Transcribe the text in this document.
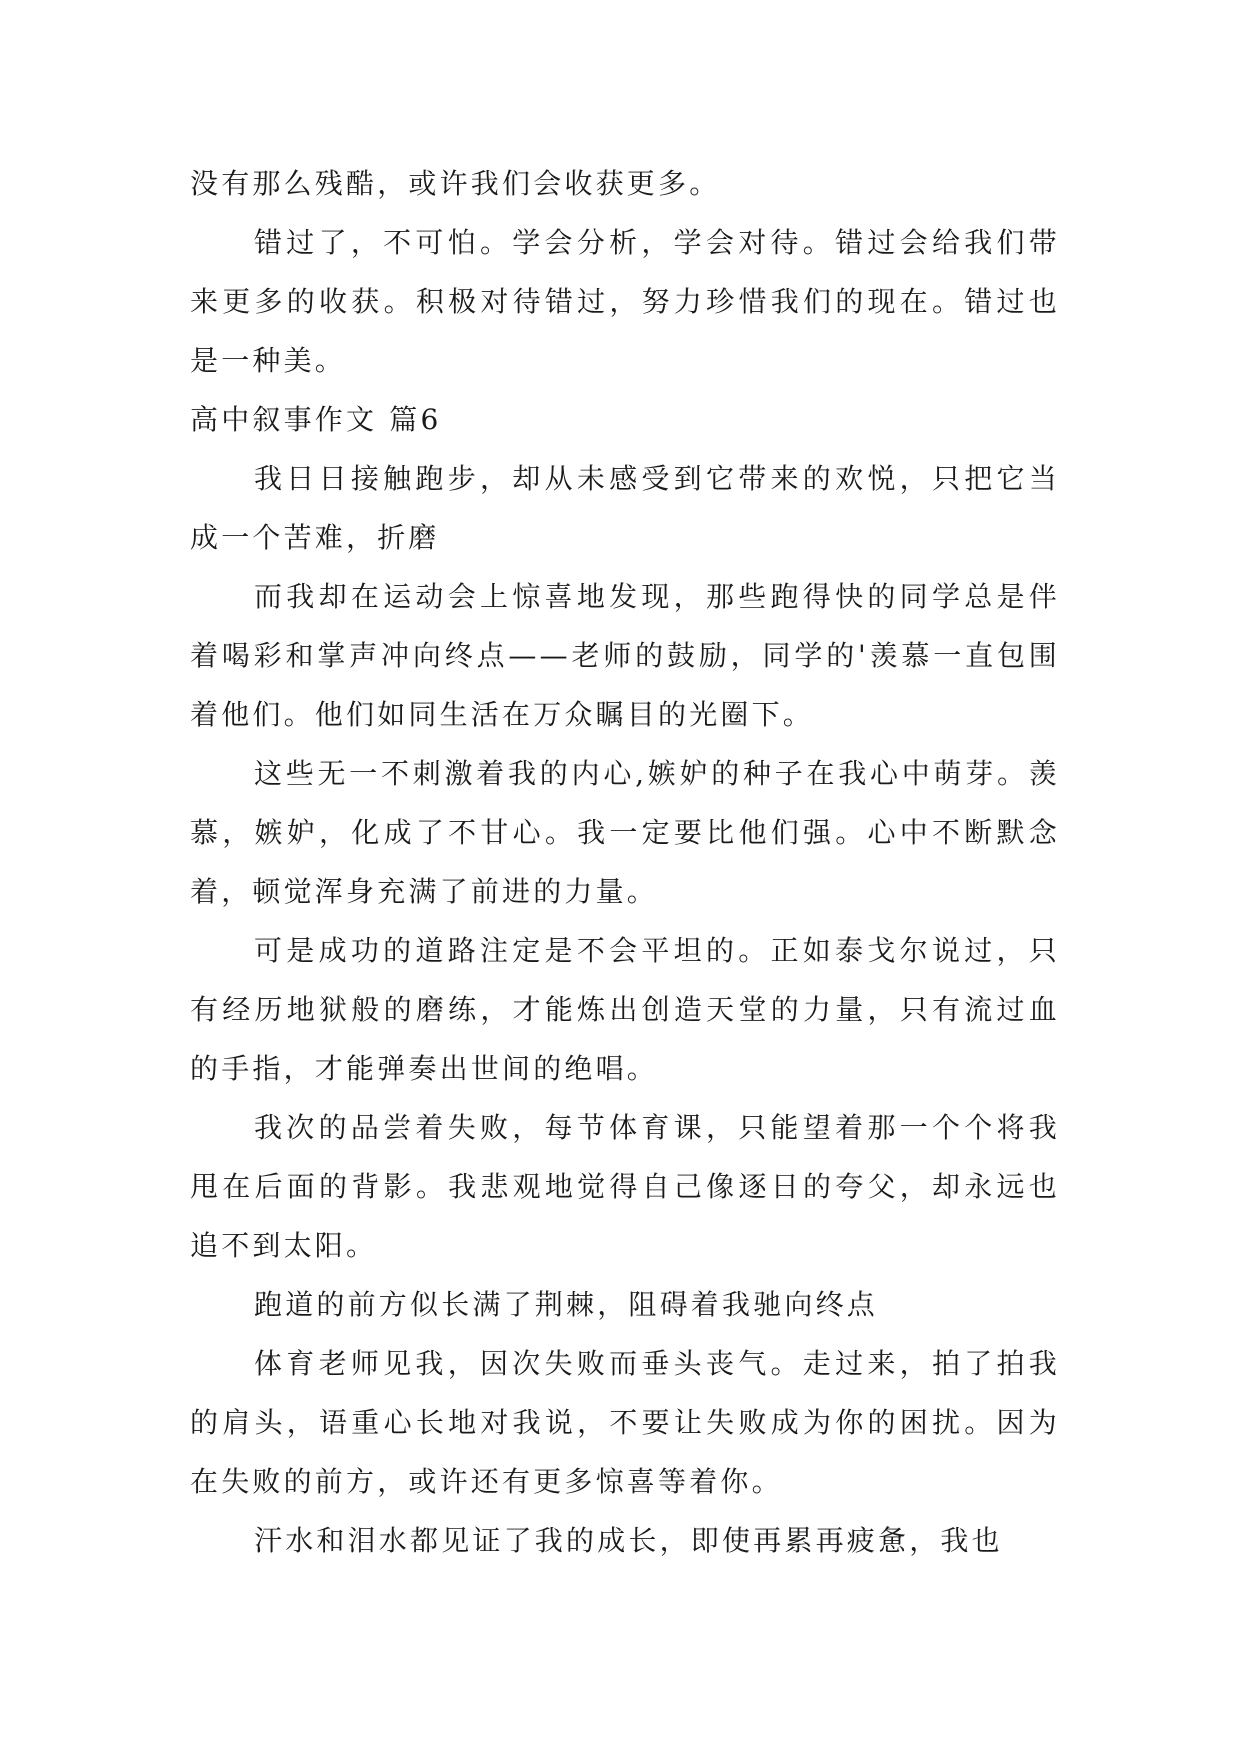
没有那么残酷，或许我们会收获更多。

错过了，不可怕。学会分析，学会对待。错过会给我们带来更多的收获。积极对待错过，努力珍惜我们的现在。错过也是一种美。

高中叙事作文 篇6

我日日接触跑步，却从未感受到它带来的欢悦，只把它当成一个苦难，折磨

而我却在运动会上惊喜地发现，那些跑得快的同学总是伴着喝彩和掌声冲向终点——老师的鼓励，同学的'羡慕一直包围着他们。他们如同生活在万众瞩目的光圈下。

这些无一不刺激着我的内心,嫉妒的种子在我心中萌芽。羡慕，嫉妒，化成了不甘心。我一定要比他们强。心中不断默念着，顿觉浑身充满了前进的力量。

可是成功的道路注定是不会平坦的。正如泰戈尔说过，只有经历地狱般的磨练，才能炼出创造天堂的力量，只有流过血的手指，才能弹奏出世间的绝唱。

我次的品尝着失败，每节体育课，只能望着那一个个将我甩在后面的背影。我悲观地觉得自己像逐日的夸父，却永远也追不到太阳。

跑道的前方似长满了荆棘，阻碍着我驰向终点

体育老师见我，因次失败而垂头丧气。走过来，拍了拍我的肩头，语重心长地对我说，不要让失败成为你的困扰。因为在失败的前方，或许还有更多惊喜等着你。

汗水和泪水都见证了我的成长，即使再累再疲惫，我也
